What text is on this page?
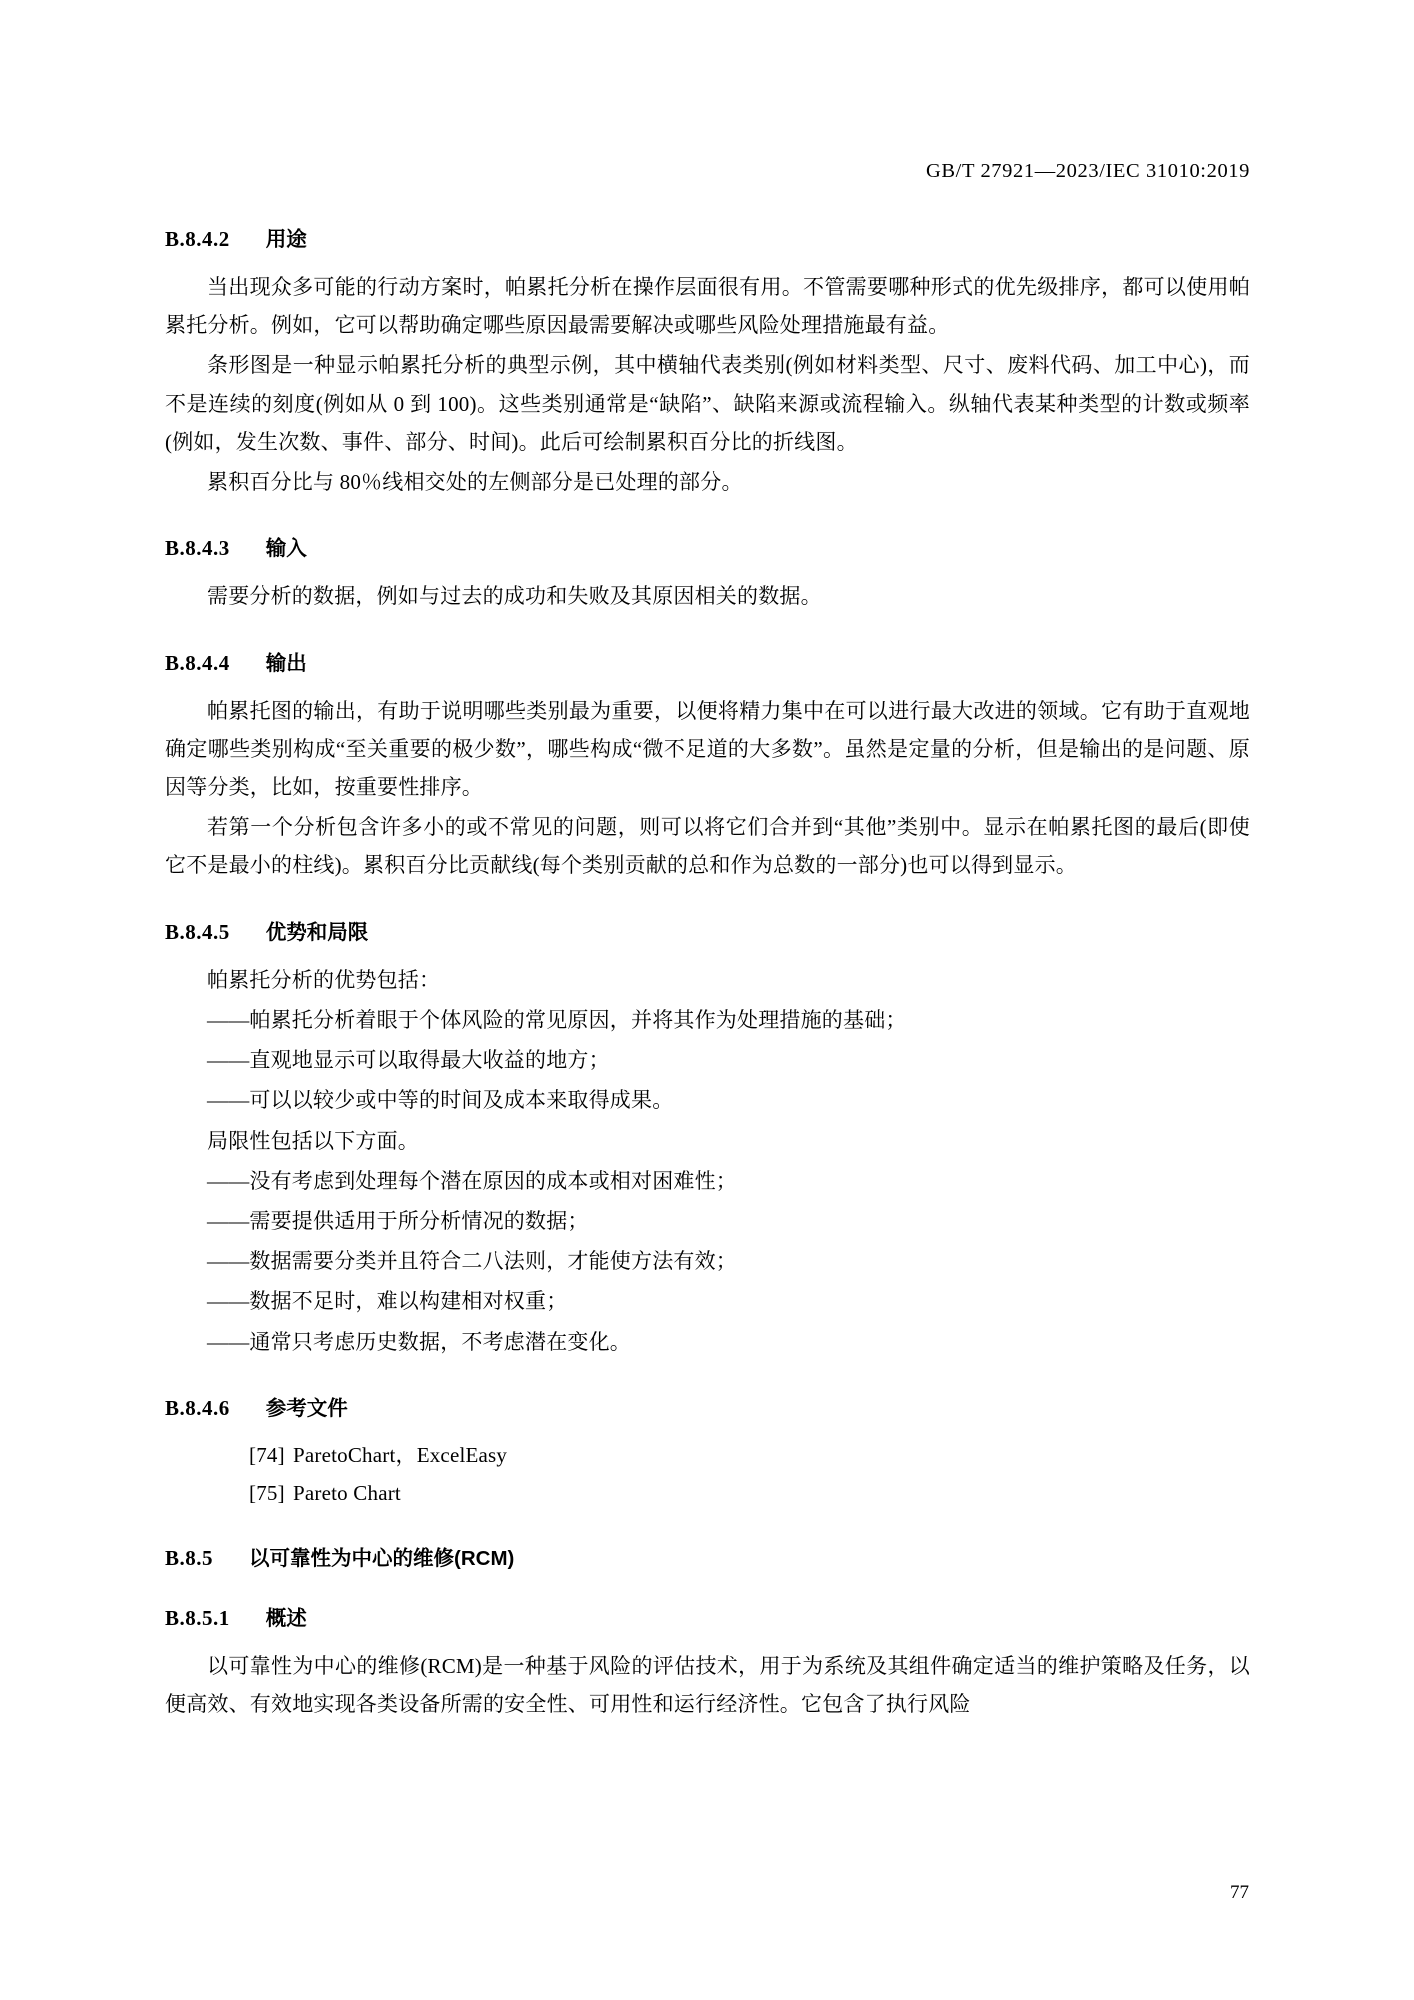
GB/T 27921—2023/IEC 31010:2019
B.8.4.2 用途

当出现众多可能的行动方案时，帕累托分析在操作层面很有用。不管需要哪种形式的优先级排序，都可以使用帕累托分析。例如，它可以帮助确定哪些原因最需要解决或哪些风险处理措施最有益。

条形图是一种显示帕累托分析的典型示例，其中横轴代表类别(例如材料类型、尺寸、废料代码、加工中心)，而不是连续的刻度(例如从 0 到 100)。这些类别通常是“缺陷”、缺陷来源或流程输入。纵轴代表某种类型的计数或频率(例如，发生次数、事件、部分、时间)。此后可绘制累积百分比的折线图。

累积百分比与 80％线相交处的左侧部分是已处理的部分。

B.8.4.3 输入

需要分析的数据，例如与过去的成功和失败及其原因相关的数据。

B.8.4.4 输出

帕累托图的输出，有助于说明哪些类别最为重要，以便将精力集中在可以进行最大改进的领域。它有助于直观地确定哪些类别构成“至关重要的极少数”，哪些构成“微不足道的大多数”。虽然是定量的分析，但是输出的是问题、原因等分类，比如，按重要性排序。

若第一个分析包含许多小的或不常见的问题，则可以将它们合并到“其他”类别中。显示在帕累托图的最后(即使它不是最小的柱线)。累积百分比贡献线(每个类别贡献的总和作为总数的一部分)也可以得到显示。

B.8.4.5 优势和局限

帕累托分析的优势包括：

——帕累托分析着眼于个体风险的常见原因，并将其作为处理措施的基础；

——直观地显示可以取得最大收益的地方；

——可以以较少或中等的时间及成本来取得成果。

局限性包括以下方面。

——没有考虑到处理每个潜在原因的成本或相对困难性；

——需要提供适用于所分析情况的数据；

——数据需要分类并且符合二八法则，才能使方法有效；

——数据不足时，难以构建相对权重；

——通常只考虑历史数据，不考虑潜在变化。

B.8.4.6 参考文件

[74] ParetoChart，ExcelEasy

[75] Pareto Chart

B.8.5 以可靠性为中心的维修(RCM)
B.8.5.1 概述

以可靠性为中心的维修(RCM)是一种基于风险的评估技术，用于为系统及其组件确定适当的维护策略及任务，以便高效、有效地实现各类设备所需的安全性、可用性和运行经济性。它包含了执行风险

77
